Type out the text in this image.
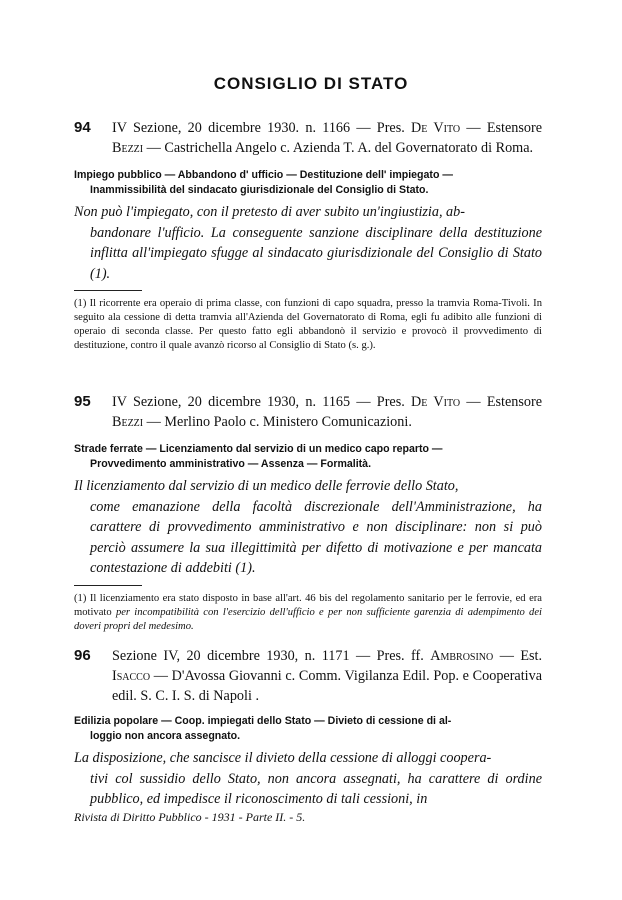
CONSIGLIO DI STATO
94 IV Sezione, 20 dicembre 1930. n. 1166 — Pres. De Vito — Estensore Bezzi — Castrichella Angelo c. Azienda T. A. del Governatorato di Roma.
Impiego pubblico — Abbandono d' ufficio — Destituzione dell' impiegato —
Inammissibilità del sindacato giurisdizionale del Consiglio di Stato.
Non può l'impiegato, con il pretesto di aver subito un'ingiustizia, ab-
bandonare l'ufficio. La conseguente sanzione disciplinare della destituzione inflitta all'impiegato sfugge al sindacato giurisdizionale del Consiglio di Stato (1).
(1) Il ricorrente era operaio di prima classe, con funzioni di capo squadra, presso la tramvia Roma-Tivoli. In seguito ala cessione di detta tramvia all'Azienda del Governatorato di Roma, egli fu adibito alle funzioni di operaio di seconda classe. Per questo fatto egli abbandonò il servizio e provocò il provvedimento di destituzione, contro il quale avanzò ricorso al Consiglio di Stato (s. g.).
95 IV Sezione, 20 dicembre 1930, n. 1165 — Pres. De Vito — Estensore Bezzi — Merlino Paolo c. Ministero Comunicazioni.
Strade ferrate — Licenziamento dal servizio di un medico capo reparto —
Provvedimento amministrativo — Assenza — Formalità.
Il licenziamento dal servizio di un medico delle ferrovie dello Stato,
come emanazione della facoltà discrezionale dell'Amministrazione, ha carattere di provvedimento amministrativo e non disciplinare: non si può perciò assumere la sua illegittimità per difetto di motivazione e per mancata contestazione di addebiti (1).
(1) Il licenziamento era stato disposto in base all'art. 46 bis del regolamento sanitario per le ferrovie, ed era motivato per incompatibilità con l'esercizio dell'ufficio e per non sufficiente garenzia di adempimento dei doveri propri del medesimo.
96 Sezione IV, 20 dicembre 1930, n. 1171 — Pres. ff. Ambrosino — Est. Isacco — D'Avossa Giovanni c. Comm. Vigilanza Edil. Pop. e Cooperativa edil. S. C. I. S. di Napoli .
Edilizia popolare — Coop. impiegati dello Stato — Divieto di cessione di al-
loggio non ancora assegnato.
La disposizione, che sancisce il divieto della cessione di alloggi coopera-
tivi col sussidio dello Stato, non ancora assegnati, ha carattere di ordine pubblico, ed impedisce il riconoscimento di tali cessioni, in
Rivista di Diritto Pubblico - 1931 - Parte II. - 5.
